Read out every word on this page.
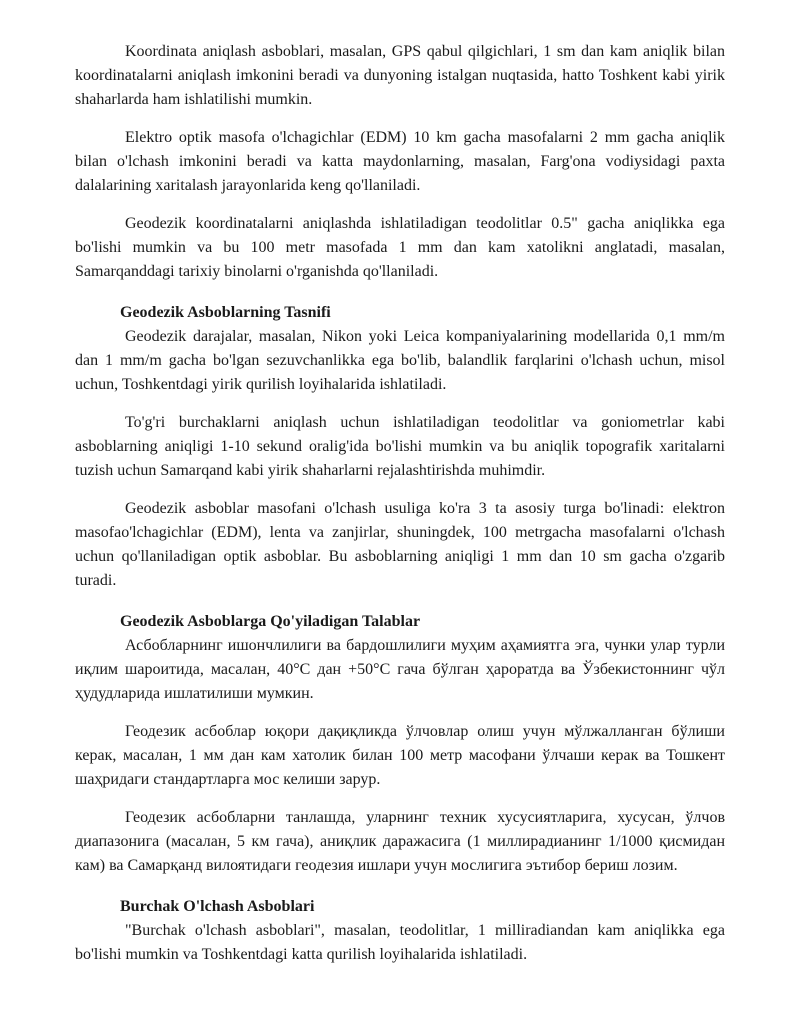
Koordinata aniqlash asboblari, masalan, GPS qabul qilgichlari, 1 sm dan kam aniqlik bilan koordinatalarni aniqlash imkonini beradi va dunyoning istalgan nuqtasida, hatto Toshkent kabi yirik shaharlarda ham ishlatilishi mumkin.

Elektro optik masofa o'lchagichlar (EDM) 10 km gacha masofalarni 2 mm gacha aniqlik bilan o'lchash imkonini beradi va katta maydonlarning, masalan, Farg'ona vodiysidagi paxta dalalarining xaritalash jarayonlarida keng qo'llaniladi.

Geodezik koordinatalarni aniqlashda ishlatiladigan teodolitlar 0.5" gacha aniqlikka ega bo'lishi mumkin va bu 100 metr masofada 1 mm dan kam xatolikni anglatadi, masalan, Samarqanddagi tarixiy binolarni o'rganishda qo'llaniladi.

Geodezik Asboblarning Tasnifi

Geodezik darajalar, masalan, Nikon yoki Leica kompaniyalarining modellarida 0,1 mm/m dan 1 mm/m gacha bo'lgan sezuvchanlikka ega bo'lib, balandlik farqlarini o'lchash uchun, misol uchun, Toshkentdagi yirik qurilish loyihalarida ishlatiladi.

To'g'ri burchaklarni aniqlash uchun ishlatiladigan teodolitlar va goniometrlar kabi asboblarning aniqligi 1-10 sekund oralig'ida bo'lishi mumkin va bu aniqlik topografik xaritalarni tuzish uchun Samarqand kabi yirik shaharlarni rejalashtirishda muhimdir.

Geodezik asboblar masofani o'lchash usuliga ko'ra 3 ta asosiy turga bo'linadi: elektron masofao'lchagichlar (EDM), lenta va zanjirlar, shuningdek, 100 metrgacha masofalarni o'lchash uchun qo'llaniladigan optik asboblar. Bu asboblarning aniqligi 1 mm dan 10 sm gacha o'zgarib turadi.

Geodezik Asboblarga Qo'yiladigan Talablar

Асбобларнинг ишончлилиги ва бардошлилиги муҳим аҳамиятга эга, чунки улар турли иқлим шароитида, масалан, 40°C дан +50°C гача бўлган ҳароратда ва Ўзбекистоннинг чўл ҳудудларида ишлатилиши мумкин.

Геодезик асбоблар юқори дақиқликда ўлчовлар олиш учун мўлжалланган бўлиши керак, масалан, 1 мм дан кам хатолик билан 100 метр масофани ўлчаши керак ва Тошкент шаҳридаги стандартларга мос келиши зарур.

Геодезик асбобларни танлашда, уларнинг техник хусусиятларига, хусусан, ўлчов диапазонига (масалан, 5 км гача), аниқлик даражасига (1 миллирадианинг 1/1000 қисмидан кам) ва Самарқанд вилоятидаги геодезия ишлари учун мослигига эътибор бериш лозим.

Burchak O'lchash Asboblari

"Burchak o'lchash asboblari", masalan, teodolitlar, 1 milliradiandan kam aniqlikka ega bo'lishi mumkin va Toshkentdagi katta qurilish loyihalarida ishlatiladi.
